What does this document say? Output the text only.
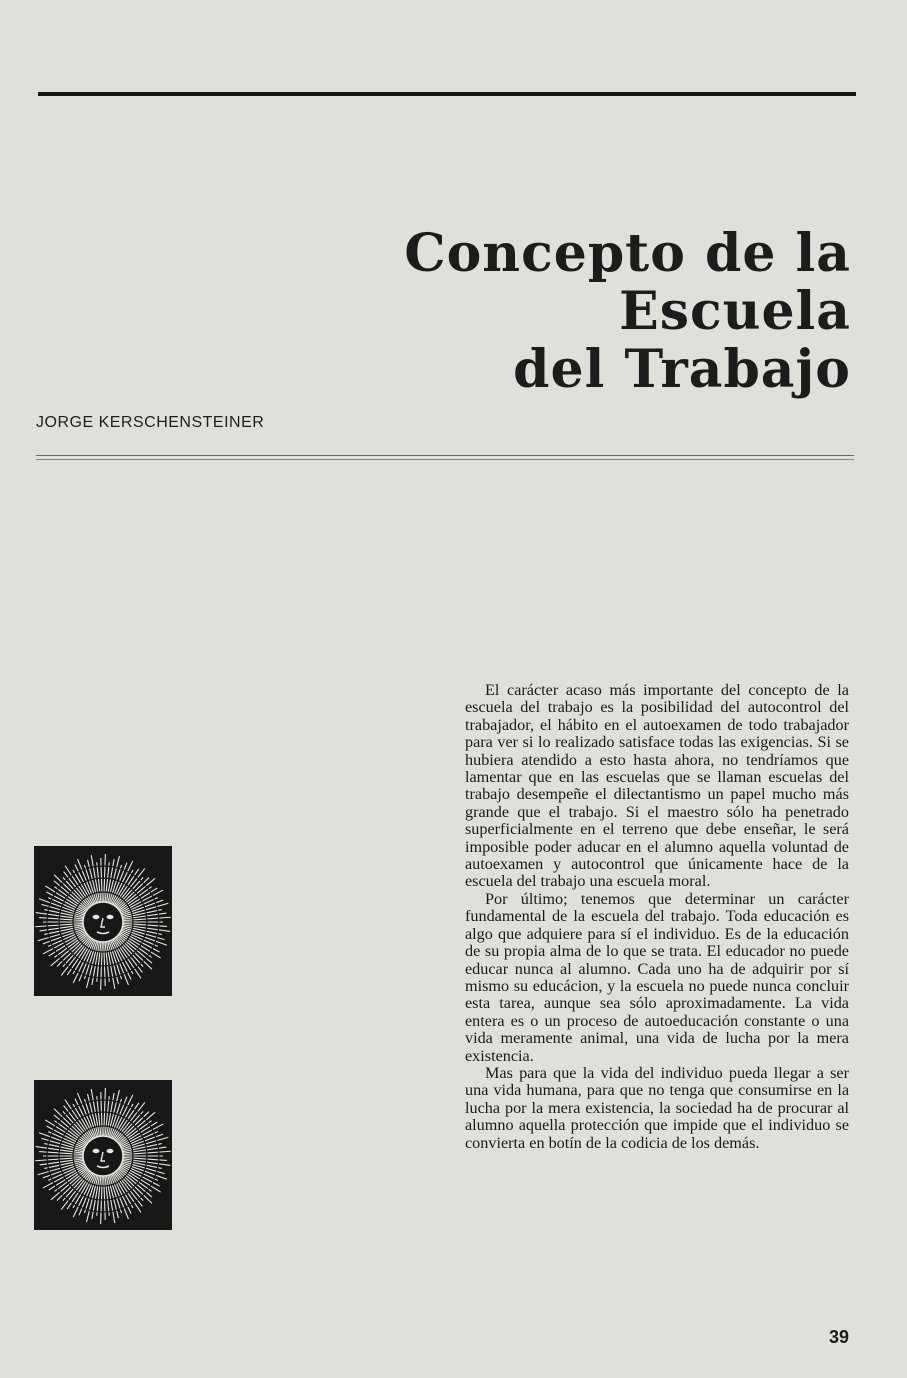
Concepto de la Escuela
del Trabajo

JORGE KERSCHENSTEINER

El carácter acaso más importante del concepto de la escuela del trabajo es la posibilidad del autocontrol del trabajador, el hábito en el autoexamen de todo trabajador para ver si lo realizado satisface todas las exigencias. Si se hubiera atendido a esto hasta ahora, no tendríamos que lamentar que en las escuelas que se llaman escuelas del trabajo desempeñe el dilectantismo un papel mucho más grande que el trabajo. Si el maestro sólo ha penetrado superficialmente en el terreno que debe enseñar, le será imposible poder aducar en el alumno aquella voluntad de autoexamen y autocontrol que únicamente hace de la escuela del trabajo una escuela moral.

Por último; tenemos que determinar un carácter fundamental de la escuela del trabajo. Toda educación es algo que adquiere para sí el individuo. Es de la educación de su propia alma de lo que se trata. El educador no puede educar nunca al alumno. Cada uno ha de adquirir por sí mismo su educácion, y la escuela no puede nunca concluir esta tarea, aunque sea sólo aproximadamente. La vida entera es o un proceso de autoeducación constante o una vida meramente animal, una vida de lucha por la mera existencia.

Mas para que la vida del individuo pueda llegar a ser una vida humana, para que no tenga que consumirse en la lucha por la mera existencia, la sociedad ha de procurar al alumno aquella protección que impide que el individuo se convierta en botín de la codicia de los demás.

39
